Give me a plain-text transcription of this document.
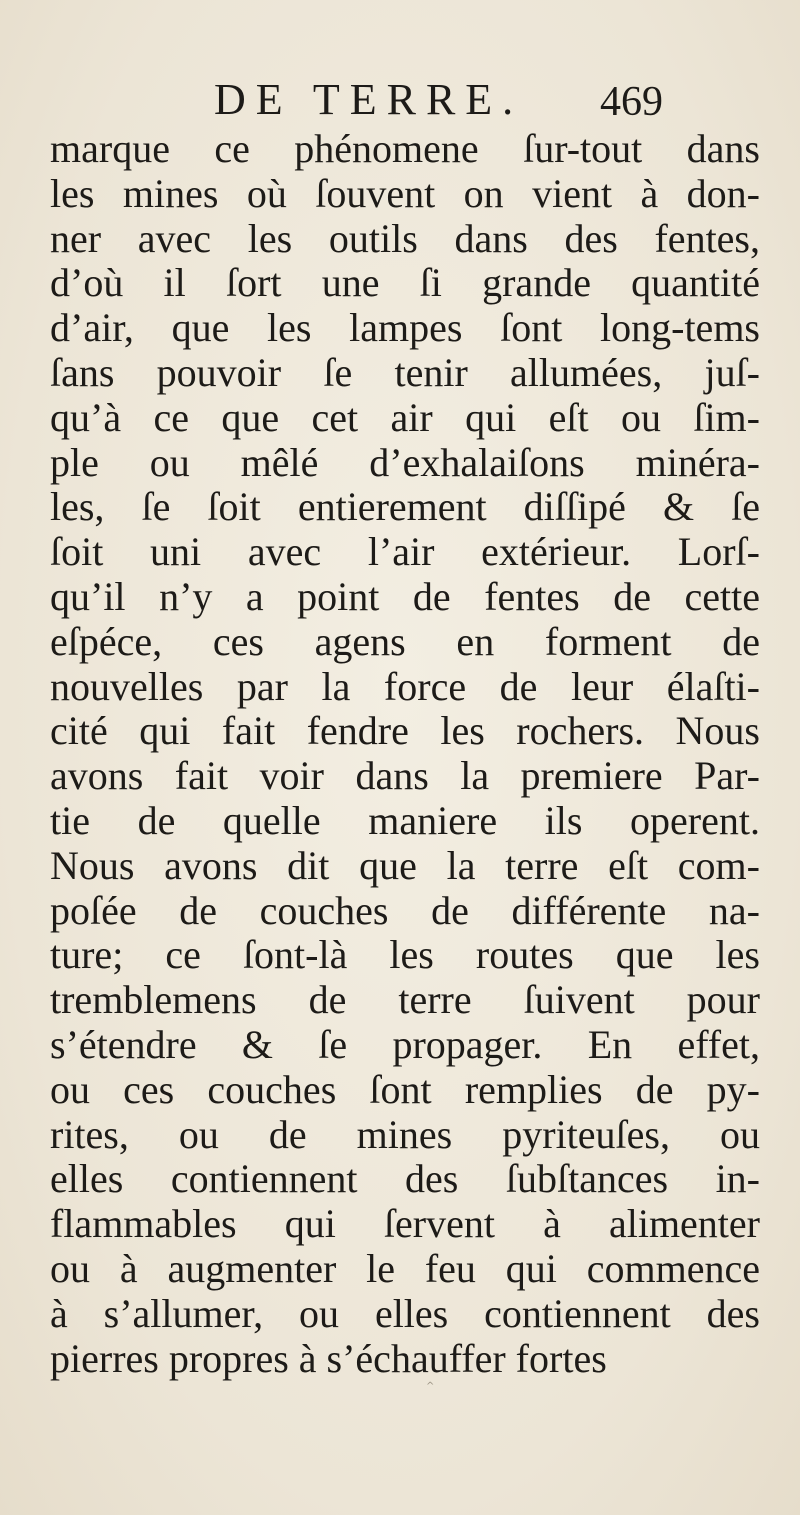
DE TERRE. 469
marque ce phénomene ſur-tout dans
les mines où ſouvent on vient à don-
ner avec les outils dans des fentes,
d’où il ſort une ſi grande quantité
d’air, que les lampes ſont long-tems
ſans pouvoir ſe tenir allumées, juſ-
qu’à ce que cet air qui eſt ou ſim-
ple ou mêlé d’exhalaiſons minéra-
les, ſe ſoit entierement diſſipé & ſe
ſoit uni avec l’air extérieur. Lorſ-
qu’il n’y a point de fentes de cette
eſpéce, ces agens en forment de
nouvelles par la force de leur élaſti-
cité qui fait fendre les rochers. Nous
avons fait voir dans la premiere Par-
tie de quelle maniere ils operent.
Nous avons dit que la terre eſt com-
poſée de couches de différente na-
ture; ce ſont-là les routes que les
tremblemens de terre ſuivent pour
s’étendre & ſe propager. En effet,
ou ces couches ſont remplies de py-
rites, ou de mines pyriteuſes, ou
elles contiennent des ſubſtances in-
flammables qui ſervent à alimenter
ou à augmenter le feu qui commence
à s’allumer, ou elles contiennent des
pierres propres à s’échauffer fortes
^
